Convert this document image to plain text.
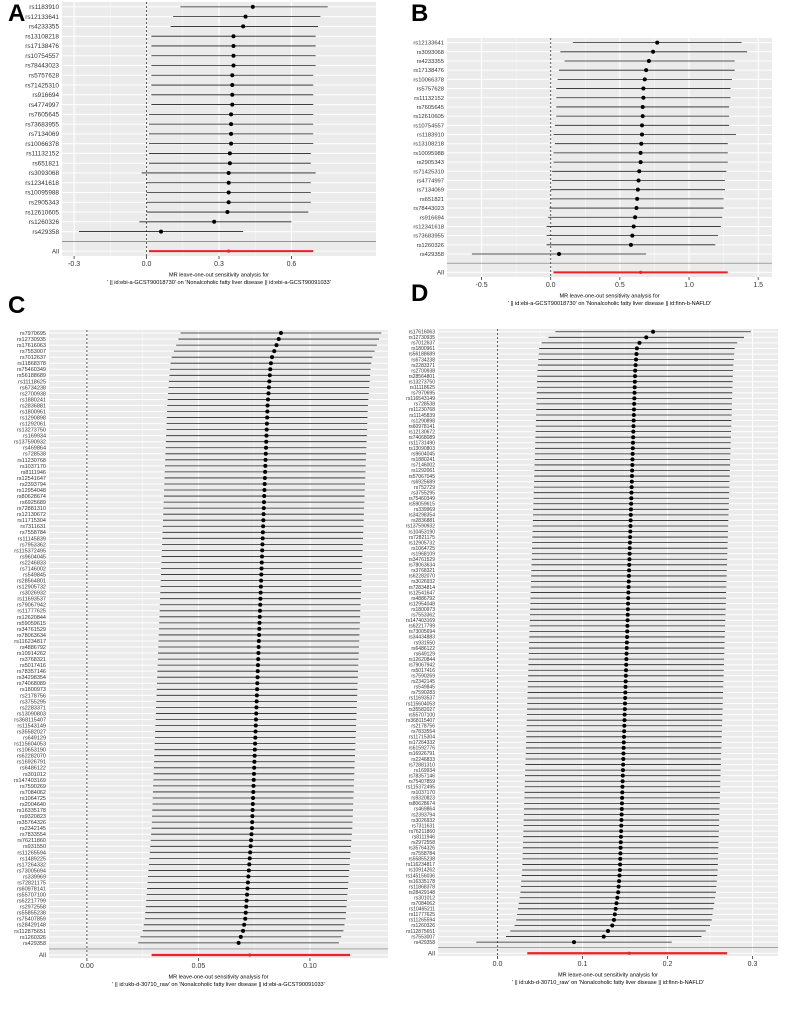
A rs1183910
rs12133641
rs4233355
rs13108218
rs17138476
rs10754557
rs78443023
rs5757628
rs71425310
rs916694
rs4774997
rs7605645
rs73683955
rs7134069
rs10066378
rs11132152
rs651821
rs3093068
rs12341618
rs10095988
rs2905343
rs12610605
rs1260326
rs429358
All
-0.3	0.0	0.3	0.6
MR leave-one-out sensitivity analysis for
' || id:ebi-a-GCST90018730' on 'Nonalcoholic fatty liver disease || id:ebi-a-GCST90091033'
B
rs12133641
rs3093068
rs4233355
rs17138476
rs10066378
rs5757628
rs11132152
rs7605645
rs12610605
rs10754557
rs1183910
rs13108218
rs10095988
rs2905343
rs71425310
rs4774997
rs7134069
rs651821
rs78443023
rs916694
rs12341618
rs73683955
rs1260326
rs429358
All
-0.5	0.0	0.5	1.0	1.5
MR leave-one-out sensitivity analysis for
' || id:ebi-a-GCST90018730' on 'Nonalcoholic fatty liver disease || id:finn-b-NAFLD'
C
rs7970695
rs12730935
rs17616063
rs7553007
rs7012637
rs11868378
rs75460349
rs56188689
rs11118625
rs6734238
rs2700938
rs1880241
rs2836881
rs1800961
rs1290898
rs1292061
rs13273750
rs169934
rs137590932
rs469864
rs728538
rs11230768
rs1037170
rs8111946
rs12541647
rs2393794
rs12954048
rs80628674
rs6925689
rs72881310
rs12130672
rs11715304
rs7311631
rs7558784
rs11145839
rs7953362
rs115372495
rs9604045
rs2246833
rs7146002
rs549845
rs28564801
rs12905732
rs3026932
rs11693537
rs79067942
rs11777625
rs12620844
rs59059615
rs34761529
rs78063634
rs116234817
rs4886792
rs10914262
rs3768321
rs5017416
rs78357146
rs34298354
rs74068089
rs1800973
rs2178756
rs3755295
rs2283371
rs13090803
rs368115407
rs11543149
rs35582027
rs649129
rs115604053
rs10653190
rs62282070
rs16926791
rs6486122
rs301012
rs147403169
rs7590269
rs7084062
rs1064725
rs2004640
rs16335178
rs9320823
rs35764326
rs2342145
rs7833554
rs76211860
rs931550
rs11265594
rs1489225
rs17264332
rs73005694
rs339969
rs72821175
rs60978141
rs55707100
rs62217799
rs2972558
rs55855238
rs75407859
rs28429148
rs112875651
rs1260326
rs429358
All
0.00	0.05	0.10
MR leave-one-out sensitivity analysis for
' || id:ukb-d-30710_raw' on 'Nonalcoholic fatty liver disease || id:ebi-a-GCST90091033'
D
rs17616063
rs12730935
rs7012637
rs1800961
rs56188689
rs6734238
rs2283371
rs2700938
rs28564801
rs13273750
rs11118625
rs7970695
rs116543149
rs728538
rs11230768
rs11145839
rs1290898
rs60978141
rs12130672
rs74068089
rs11731490
rs13090803
rs9604045
rs1880241
rs7146002
rs1292061
rs57067045
rs6925689
rs752729
rs3755295
rs75460349
rs59059615
rs339969
rs34298354
rs2836881
rs137590932
rs10453190
rs72821175
rs12905732
rs1064725
rs1968109
rs34761529
rs78063634
rs3768321
rs62282070
rs3026932
rs72834814
rs12541647
rs4886792
rs12954048
rs1800973
rs7553362
rs147403169
rs62217799
rs73005694
rs34434883
rs931550
rs6486122
rs649129
rs12620844
rs79067942
rs5017416
rs7590269
rs2342145
rs549845
rs7590283
rs11693537
rs115604053
rs35582027
rs55707100
rs368115407
rs2178756
rs7833554
rs11715304
rs17264332
rs61592776
rs16926791
rs2246833
rs72881310
rs169934
rs78357146
rs75407859
rs115372495
rs1037170
rs9320823
rs80628674
rs469864
rs2393794
rs3026932
rs7311631
rs76211860
rs8111946
rs2972558
rs35764326
rs7558784
rs55855238
rs116234817
rs10914262
rs145156036
rs16335178
rs11868378
rs28429148
rs301012
rs7084062
rs10465211
rs11777625
rs11265594
rs1260326
rs112875651
rs7553007
rs429358
All
0.0	0.1	0.2	0.3
MR leave-one-out sensitivity analysis for
' || id:ukb-d-30710_raw' on 'Nonalcoholic fatty liver disease || id:finn-b-NAFLD'
